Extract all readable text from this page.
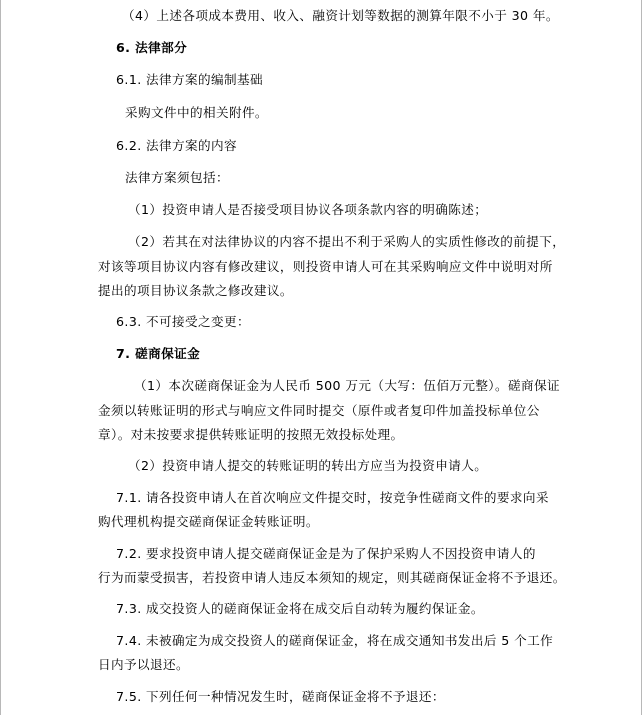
（4）上述各项成本费用、收入、融资计划等数据的测算年限不小于 30 年。
6. 法律部分
6.1. 法律方案的编制基础
采购文件中的相关附件。
6.2. 法律方案的内容
法律方案须包括：
（1）投资申请人是否接受项目协议各项条款内容的明确陈述；
（2）若其在对法律协议的内容不提出不利于采购人的实质性修改的前提下，
对该等项目协议内容有修改建议，则投资申请人可在其采购响应文件中说明对所
提出的项目协议条款之修改建议。
6.3. 不可接受之变更：
7. 磋商保证金
（1）本次磋商保证金为人民币 500 万元（大写：伍佰万元整）。磋商保证
金须以转账证明的形式与响应文件同时提交（原件或者复印件加盖投标单位公
章）。对未按要求提供转账证明的按照无效投标处理。
（2）投资申请人提交的转账证明的转出方应当为投资申请人。
7.1. 请各投资申请人在首次响应文件提交时，按竞争性磋商文件的要求向采
购代理机构提交磋商保证金转账证明。
7.2. 要求投资申请人提交磋商保证金是为了保护采购人不因投资申请人的
行为而蒙受损害，若投资申请人违反本须知的规定，则其磋商保证金将不予退还。
7.3. 成交投资人的磋商保证金将在成交后自动转为履约保证金。
7.4. 未被确定为成交投资人的磋商保证金，将在成交通知书发出后 5 个工作
日内予以退还。
7.5. 下列任何一种情况发生时，磋商保证金将不予退还：
